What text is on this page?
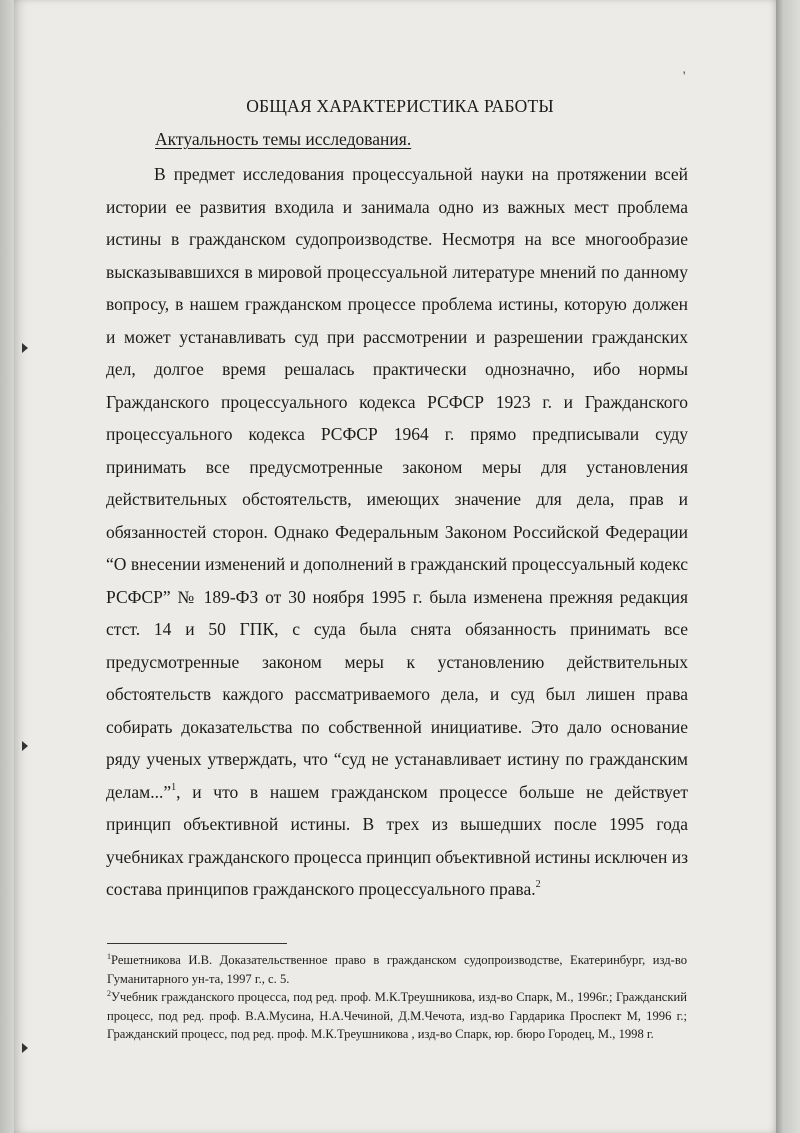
'
ОБЩАЯ ХАРАКТЕРИСТИКА РАБОТЫ
Актуальность темы исследования.

В предмет исследования процессуальной науки на протяжении всей истории ее развития входила и занимала одно из важных мест проблема истины в гражданском судопроизводстве. Несмотря на все многообразие высказывавшихся в мировой процессуальной литературе мнений по данному вопросу, в нашем гражданском процессе проблема истины, которую должен и может устанавливать суд при рассмотрении и разрешении гражданских дел, долгое время решалась практически однозначно, ибо нормы Гражданского процессуального кодекса РСФСР 1923 г. и Гражданского процессуального кодекса РСФСР 1964 г. прямо предписывали суду принимать все предусмотренные законом меры для установления действительных обстоятельств, имеющих значение для дела, прав и обязанностей сторон. Однако Федеральным Законом Российской Федерации “О внесении изменений и дополнений в гражданский процессуальный кодекс РСФСР” № 189-ФЗ от 30 ноября 1995 г. была изменена прежняя редакция стст. 14 и 50 ГПК, с суда была снята обязанность принимать все предусмотренные законом меры к установлению действительных обстоятельств каждого рассматриваемого дела, и суд был лишен права собирать доказательства по собственной инициативе. Это дало основание ряду ученых утверждать, что “суд не устанавливает истину по гражданским делам...”$^1$, и что в нашем гражданском процессе больше не действует принцип объективной истины. В трех из вышедших после 1995 года учебниках гражданского процесса принцип объективной истины исключен из состава принципов гражданского процессуального права.$^2$

$^1$Решетникова И.В. Доказательственное право в гражданском судопроизводстве, Екатеринбург, изд-во Гуманитарного ун-та, 1997 г., с. 5.

$^2$Учебник гражданского процесса, под ред. проф. М.К.Треушникова, изд-во Спарк, М., 1996г.; Гражданский процесс, под ред. проф. В.А.Мусина, Н.А.Чечиной, Д.М.Чечота, изд-во Гардарика Проспект М, 1996 г.; Гражданский процесс, под ред. проф. М.К.Треушникова , изд-во Спарк, юр. бюро Городец, М., 1998 г.
